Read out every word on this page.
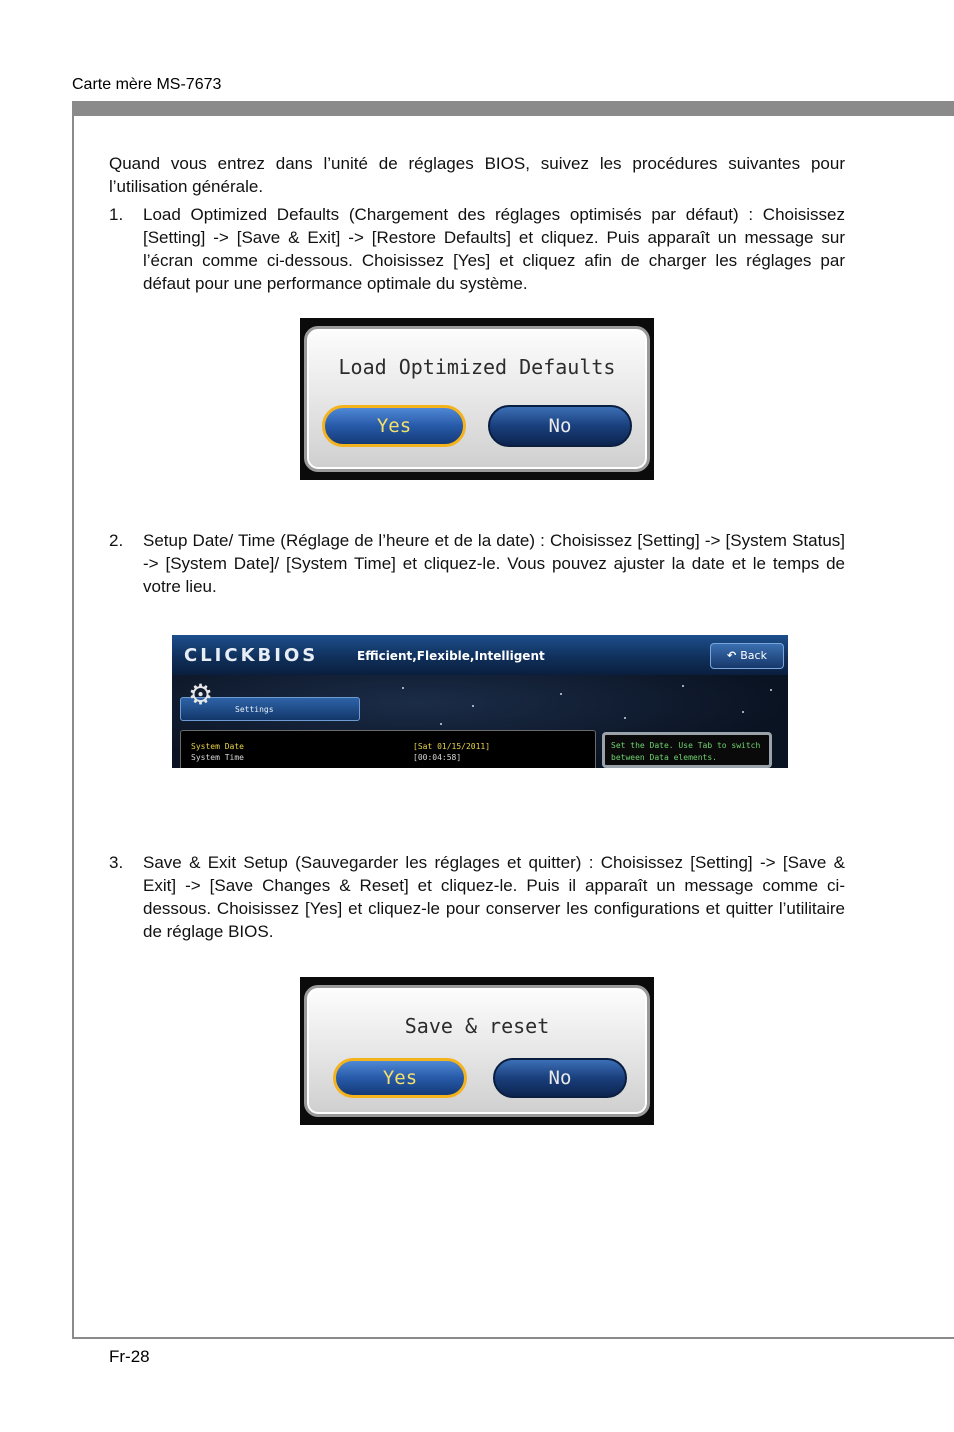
Carte mère MS-7673
Quand vous entrez dans l’unité de réglages BIOS, suivez les procédures suivantes pour l’utilisation générale.
1. Load Optimized Defaults (Chargement des réglages optimisés par défaut) : Choisissez [Setting] -> [Save & Exit] -> [Restore Defaults] et cliquez. Puis apparaît un message sur l’écran comme ci-dessous. Choisissez [Yes] et cliquez afin de charger les réglages par défaut pour une performance optimale du système.
Load Optimized Defaults
Yes	No
2. Setup Date/ Time (Réglage de l’heure et de la date) : Choisissez [Setting] -> [System Status] -> [System Date]/ [System Time] et cliquez-le. Vous pouvez ajuster la date et le temps de votre lieu.
CLICKBIOS	Efficient,Flexible,Intelligent	↶ Back
Settings
⚙
System Date	[Sat 01/15/2011]
System Time	[00:04:58]
Set the Date. Use Tab to switch between Data elements.
3. Save & Exit Setup (Sauvegarder les réglages et quitter) : Choisissez [Setting] -> [Save & Exit] -> [Save Changes & Reset] et cliquez-le. Puis il apparaît un message comme ci-dessous. Choisissez [Yes] et cliquez-le pour conserver les configurations et quitter l’utilitaire de réglage BIOS.
Save & reset
Yes	No
Fr-28
